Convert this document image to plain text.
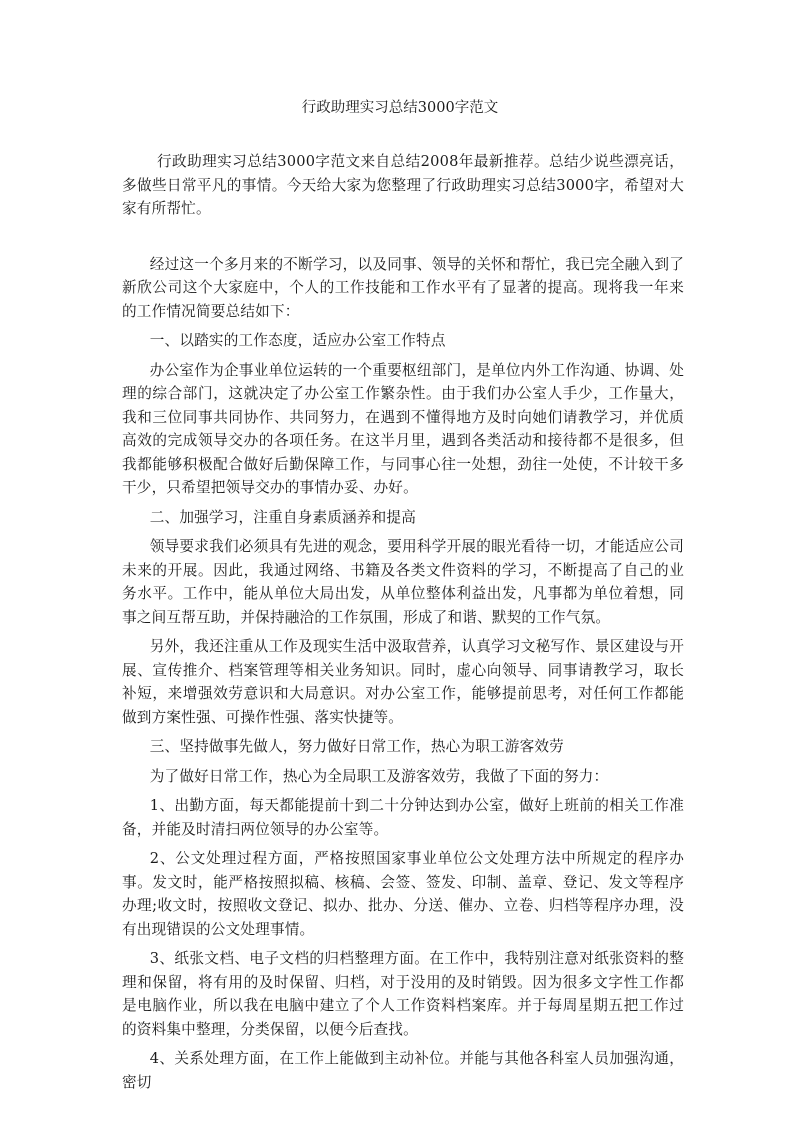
行政助理实习总结3000字范文

行政助理实习总结3000字范文来自总结2008年最新推荐。总结少说些漂亮话，多做些日常平凡的事情。今天给大家为您整理了行政助理实习总结3000字，希望对大家有所帮忙。

经过这一个多月来的不断学习，以及同事、领导的关怀和帮忙，我已完全融入到了新欣公司这个大家庭中，个人的工作技能和工作水平有了显著的提高。现将我一年来的工作情况简要总结如下：

一、以踏实的工作态度，适应办公室工作特点

办公室作为企事业单位运转的一个重要枢纽部门，是单位内外工作沟通、协调、处理的综合部门，这就决定了办公室工作繁杂性。由于我们办公室人手少，工作量大，我和三位同事共同协作、共同努力，在遇到不懂得地方及时向她们请教学习，并优质高效的完成领导交办的各项任务。在这半月里，遇到各类活动和接待都不是很多，但我都能够积极配合做好后勤保障工作，与同事心往一处想，劲往一处使，不计较干多干少，只希望把领导交办的事情办妥、办好。

二、加强学习，注重自身素质涵养和提高

领导要求我们必须具有先进的观念，要用科学开展的眼光看待一切，才能适应公司未来的开展。因此，我通过网络、书籍及各类文件资料的学习，不断提高了自己的业务水平。工作中，能从单位大局出发，从单位整体利益出发，凡事都为单位着想，同事之间互帮互助，并保持融洽的工作氛围，形成了和谐、默契的工作气氛。

另外，我还注重从工作及现实生活中汲取营养，认真学习文秘写作、景区建设与开展、宣传推介、档案管理等相关业务知识。同时，虚心向领导、同事请教学习，取长补短，来增强效劳意识和大局意识。对办公室工作，能够提前思考，对任何工作都能做到方案性强、可操作性强、落实快捷等。

三、坚持做事先做人，努力做好日常工作，热心为职工游客效劳

为了做好日常工作，热心为全局职工及游客效劳，我做了下面的努力：

1、出勤方面，每天都能提前十到二十分钟达到办公室，做好上班前的相关工作准备，并能及时清扫两位领导的办公室等。

2、公文处理过程方面，严格按照国家事业单位公文处理方法中所规定的程序办事。发文时，能严格按照拟稿、核稿、会签、签发、印制、盖章、登记、发文等程序办理;收文时，按照收文登记、拟办、批办、分送、催办、立卷、归档等程序办理，没有出现错误的公文处理事情。

3、纸张文档、电子文档的归档整理方面。在工作中，我特别注意对纸张资料的整理和保留，将有用的及时保留、归档，对于没用的及时销毁。因为很多文字性工作都是电脑作业，所以我在电脑中建立了个人工作资料档案库。并于每周星期五把工作过的资料集中整理，分类保留，以便今后查找。

4、关系处理方面，在工作上能做到主动补位。并能与其他各科室人员加强沟通，密切
